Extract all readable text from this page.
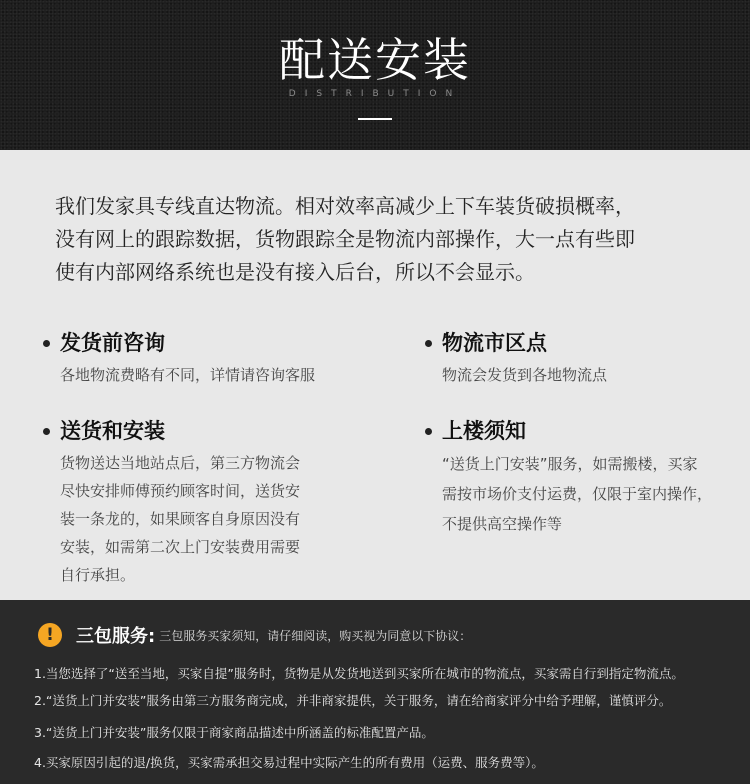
配送安装
DISTRIBUTION
我们发家具专线直达物流。相对效率高减少上下车装货破损概率，
没有网上的跟踪数据，货物跟踪全是物流内部操作，大一点有些即
使有内部网络系统也是没有接入后台，所以不会显示。
发货前咨询
各地物流费略有不同，详情请咨询客服
物流市区点
物流会发货到各地物流点
送货和安装
货物送达当地站点后，第三方物流会
尽快安排师傅预约顾客时间，送货安
装一条龙的，如果顾客自身原因没有
安装，如需第二次上门安装费用需要
自行承担。
上楼须知
“送货上门安装”服务，如需搬楼，买家
需按市场价支付运费，仅限于室内操作，
不提供高空操作等
!	三包服务: 三包服务买家须知，请仔细阅读，购买视为同意以下协议：
1.当您选择了“送至当地，买家自提”服务时，货物是从发货地送到买家所在城市的物流点，买家需自行到指定物流点。
2.“送货上门并安装”服务由第三方服务商完成，并非商家提供，关于服务，请在给商家评分中给予理解，谨慎评分。
3.“送货上门并安装”服务仅限于商家商品描述中所涵盖的标准配置产品。
4.买家原因引起的退/换货，买家需承担交易过程中实际产生的所有费用（运费、服务费等）。
